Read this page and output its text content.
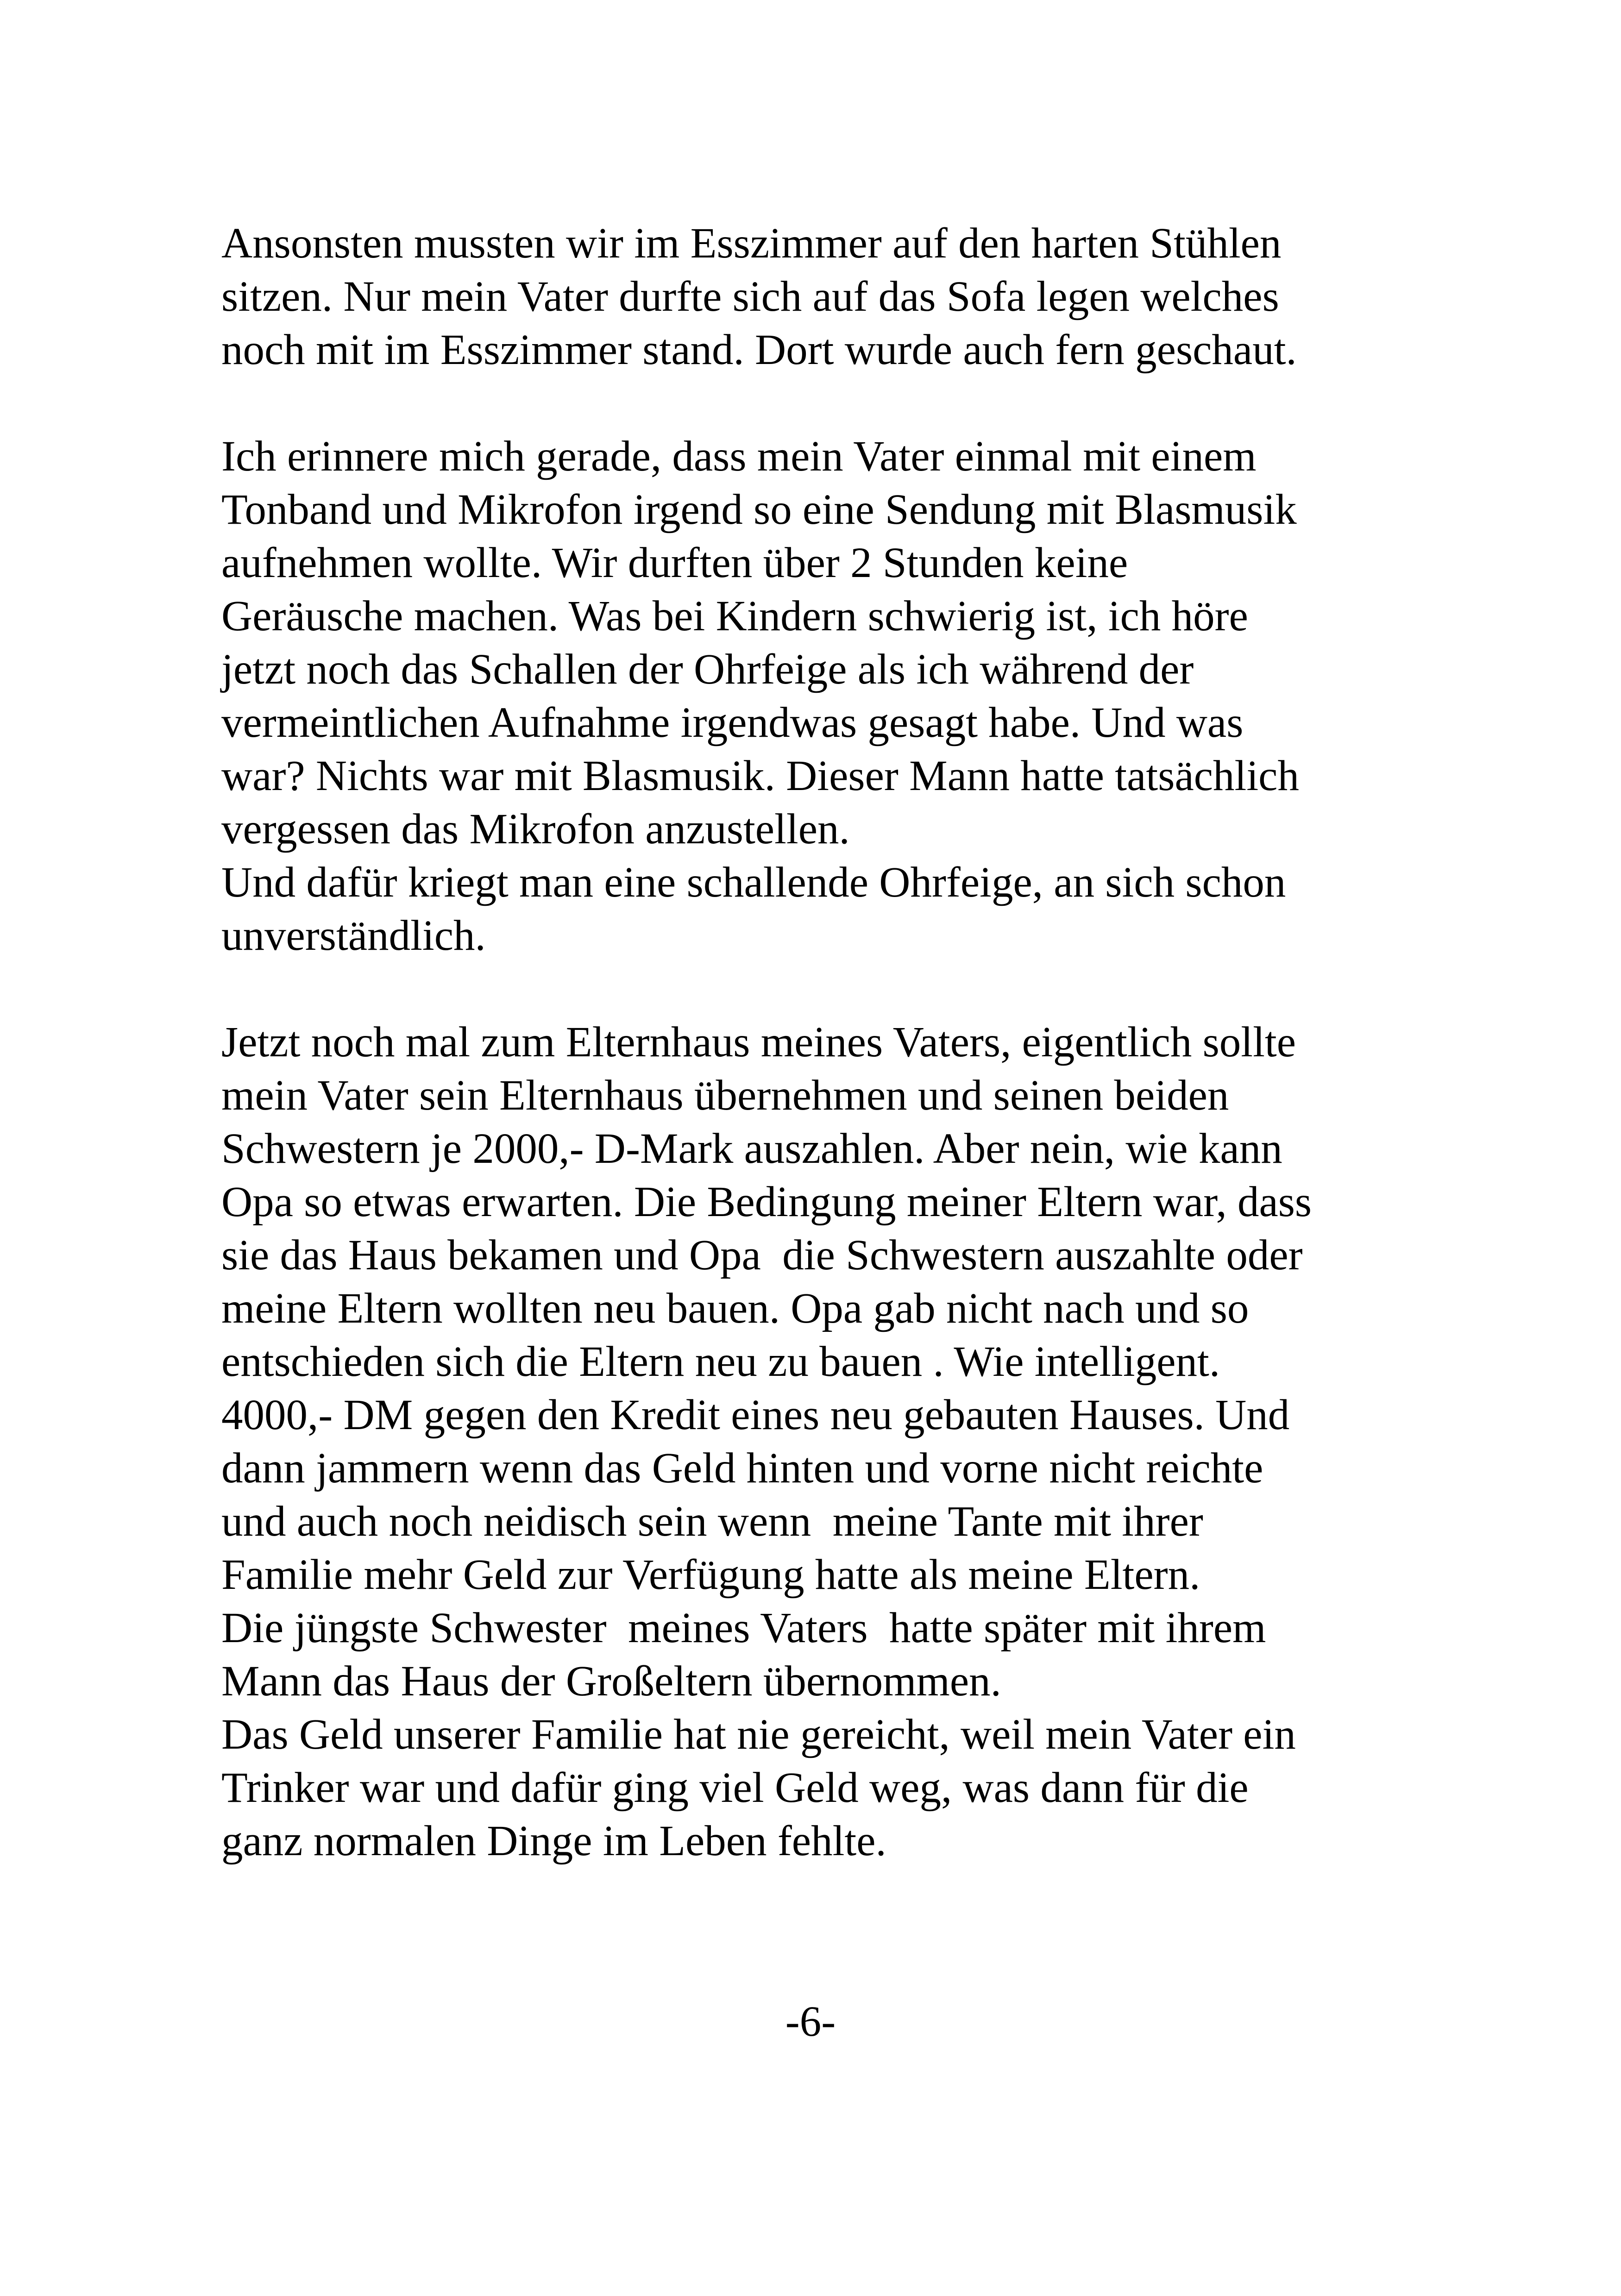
Ansonsten mussten wir im Esszimmer auf den harten Stühlen
sitzen. Nur mein Vater durfte sich auf das Sofa legen welches
noch mit im Esszimmer stand. Dort wurde auch fern geschaut.
Ich erinnere mich gerade, dass mein Vater einmal mit einem
Tonband und Mikrofon irgend so eine Sendung mit Blasmusik
aufnehmen wollte. Wir durften über 2 Stunden keine
Geräusche machen. Was bei Kindern schwierig ist, ich höre
jetzt noch das Schallen der Ohrfeige als ich während der
vermeintlichen Aufnahme irgendwas gesagt habe. Und was
war? Nichts war mit Blasmusik. Dieser Mann hatte tatsächlich
vergessen das Mikrofon anzustellen.
Und dafür kriegt man eine schallende Ohrfeige, an sich schon
unverständlich.
Jetzt noch mal zum Elternhaus meines Vaters, eigentlich sollte
mein Vater sein Elternhaus übernehmen und seinen beiden
Schwestern je 2000,- D-Mark auszahlen. Aber nein, wie kann
Opa so etwas erwarten. Die Bedingung meiner Eltern war, dass
sie das Haus bekamen und Opa  die Schwestern auszahlte oder
meine Eltern wollten neu bauen. Opa gab nicht nach und so
entschieden sich die Eltern neu zu bauen . Wie intelligent.
4000,- DM gegen den Kredit eines neu gebauten Hauses. Und
dann jammern wenn das Geld hinten und vorne nicht reichte
und auch noch neidisch sein wenn  meine Tante mit ihrer
Familie mehr Geld zur Verfügung hatte als meine Eltern.
Die jüngste Schwester  meines Vaters  hatte später mit ihrem
Mann das Haus der Großeltern übernommen.
Das Geld unserer Familie hat nie gereicht, weil mein Vater ein
Trinker war und dafür ging viel Geld weg, was dann für die
ganz normalen Dinge im Leben fehlte.
-6-
